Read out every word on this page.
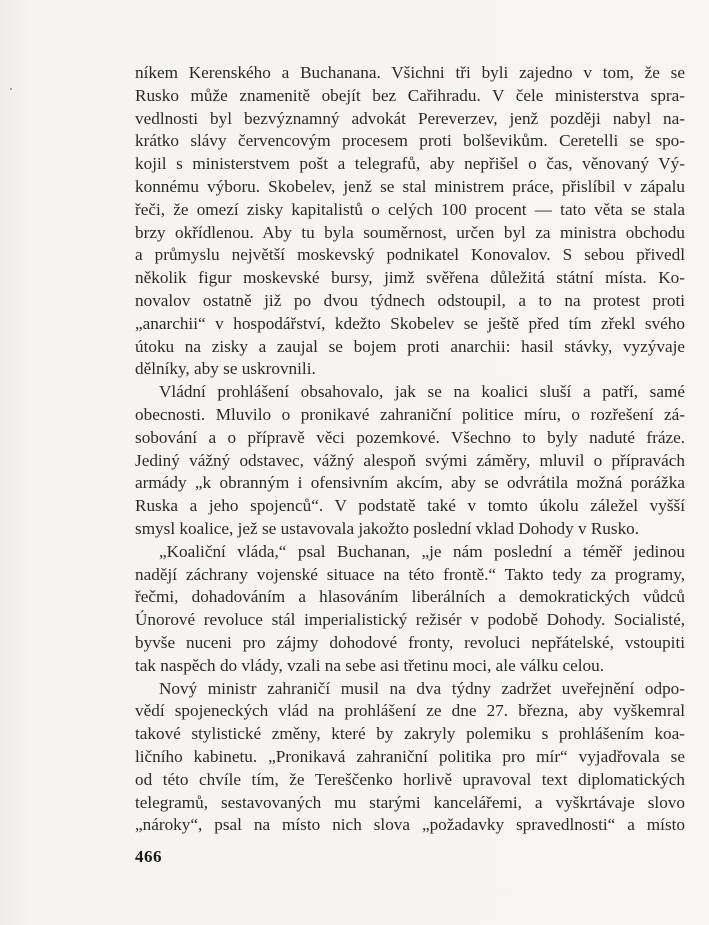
níkem Kerenského a Buchanana. Všichni tři byli zajedno v tom, že se
Rusko může znamenitě obejít bez Cařihradu. V čele ministerstva spra-
vedlnosti byl bezvýznamný advokát Pereverzev, jenž později nabyl na-
krátko slávy červencovým procesem proti bolševikům. Ceretelli se spo-
kojil s ministerstvem pošt a telegrafů, aby nepřišel o čas, věnovaný Vý-
konnému výboru. Skobelev, jenž se stal ministrem práce, přislíbil v zápalu
řeči, že omezí zisky kapitalistů o celých 100 procent — tato věta se stala
brzy okřídlenou. Aby tu byla souměrnost, určen byl za ministra obchodu
a průmyslu největší moskevský podnikatel Konovalov. S sebou přivedl
několik figur moskevské bursy, jimž svěřena důležitá státní místa. Ko-
novalov ostatně již po dvou týdnech odstoupil, a to na protest proti
„anarchii“ v hospodářství, kdežto Skobelev se ještě před tím zřekl svého
útoku na zisky a zaujal se bojem proti anarchii: hasil stávky, vyzývaje
dělníky, aby se uskrovnili.
Vládní prohlášení obsahovalo, jak se na koalici sluší a patří, samé
obecnosti. Mluvilo o pronikavé zahraniční politice míru, o rozřešení zá-
sobování a o přípravě věci pozemkové. Všechno to byly naduté fráze.
Jediný vážný odstavec, vážný alespoň svými záměry, mluvil o přípravách
armády „k obranným i ofensivním akcím, aby se odvrátila možná porážka
Ruska a jeho spojenců“. V podstatě také v tomto úkolu záležel vyšší
smysl koalice, jež se ustavovala jakožto poslední vklad Dohody v Rusko.
„Koaliční vláda,“ psal Buchanan, „je nám poslední a téměř jedinou
nadějí záchrany vojenské situace na této frontě.“ Takto tedy za programy,
řečmi, dohadováním a hlasováním liberálních a demokratických vůdců
Únorové revoluce stál imperialistický režisér v podobě Dohody. Socialisté,
byvše nuceni pro zájmy dohodové fronty, revoluci nepřátelské, vstoupiti
tak naspěch do vlády, vzali na sebe asi třetinu moci, ale válku celou.
Nový ministr zahraničí musil na dva týdny zadržet uveřejnění odpo-
vědí spojeneckých vlád na prohlášení ze dne 27. března, aby vyškemral
takové stylistické změny, které by zakryly polemiku s prohlášením koa-
ličního kabinetu. „Pronikavá zahraniční politika pro mír“ vyjadřovala se
od této chvíle tím, že Tereščenko horlivě upravoval text diplomatických
telegramů, sestavovaných mu starými kancelářemi, a vyškrtávaje slovo
„nároky“, psal na místo nich slova „požadavky spravedlnosti“ a místo
466
